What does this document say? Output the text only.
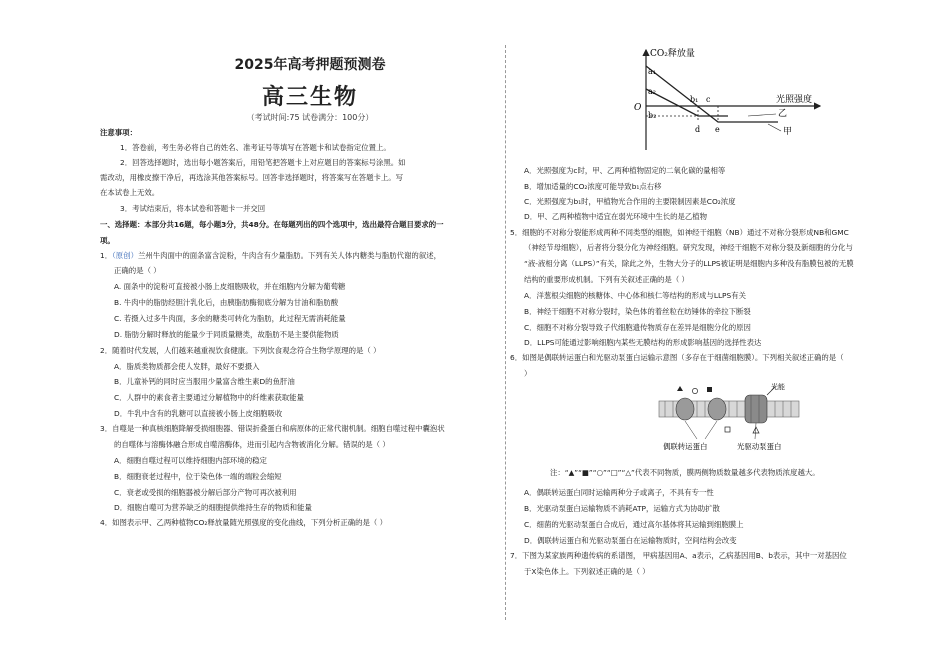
2025年高考押题预测卷
高三生物
（考试时间:75 试卷满分：100分）
注意事项：
1．答卷前，考生务必将自己的姓名、准考证号等填写在答题卡和试卷指定位置上。
2．回答选择题时，选出每小题答案后，用铅笔把答题卡上对应题目的答案标号涂黑。如
需改动，用橡皮擦干净后，再选涂其他答案标号。回答非选择题时，将答案写在答题卡上。写
在本试卷上无效。
3．考试结束后，将本试卷和答题卡一并交回
一、选择题：本部分共16题，每小题3分，共48分。在每题列出的四个选项中，选出最符合题目要求的一
项。
1．（原创）兰州牛肉面中的面条富含淀粉，牛肉含有少量脂肪。下列有关人体内糖类与脂肪代谢的叙述，
正确的是（ ）
A. 面条中的淀粉可直接被小肠上皮细胞吸收，并在细胞内分解为葡萄糖
B. 牛肉中的脂肪经胆汁乳化后，由胰脂肪酶彻底分解为甘油和脂肪酸
C. 若摄入过多牛肉面，多余的糖类可转化为脂肪，此过程无需消耗能量
D. 脂肪分解时释放的能量少于同质量糖类，故脂肪不是主要供能物质
2．随着时代发展，人们越来越重视饮食健康。下列饮食观念符合生物学原理的是（ ）
A．脂质类物质都会使人发胖，最好不要摄入
B．儿童补钙的同时应当服用少量富含维生素D的鱼肝油
C．人群中的素食者主要通过分解植物中的纤维素获取能量
D．牛乳中含有的乳糖可以直接被小肠上皮细胞吸收
3．自噬是一种真核细胞降解受损细胞器、错误折叠蛋白和病原体的正常代谢机制。细胞自噬过程中囊泡状
的自噬体与溶酶体融合形成自噬溶酶体，进而引起内含物被消化分解。错误的是（ ）
A．细胞自噬过程可以维持细胞内部环境的稳定
B．细胞衰老过程中，位于染色体一端的端粒会缩短
C．衰老或受损的细胞器被分解后部分产物可再次被利用
D．细胞自噬可为营养缺乏的细胞提供维持生存的物质和能量
4．如图表示甲、乙两种植物CO₂释放量随光照强度的变化曲线，下列分析正确的是（ ）
CO₂释放量
光照强度
O
a₁
a₂
b₂
b₁ c
d e
乙
甲
A．光照强度为c时，甲、乙两种植物固定的二氧化碳的量相等
B．增加适量的CO₂浓度可能导致b₁点右移
C．光照强度为b₁时，甲植物光合作用的主要限制因素是CO₂浓度
D．甲、乙两种植物中适宜在弱光环境中生长的是乙植物
5．细胞的不对称分裂能形成两种不同类型的细胞，如神经干细胞（NB）通过不对称分裂形成NB和GMC
（神经节母细胞），后者将分裂分化为神经细胞。研究发现，神经干细胞不对称分裂及新细胞的分化与
“液-液相分离（LLPS）”有关，除此之外，生物大分子的LLPS被证明是细胞内多种没有脂膜包被的无膜
结构的重要形成机制。下列有关叙述正确的是（ ）
A．洋葱根尖细胞的核糖体、中心体和核仁等结构的形成与LLPS有关
B．神经干细胞不对称分裂时，染色体的着丝粒在纺锤体的牵拉下断裂
C．细胞不对称分裂导致子代细胞遗传物质存在差异是细胞分化的原因
D．LLPS可能通过影响细胞内某些无膜结构的形成影响基因的选择性表达
6．如图是偶联转运蛋白和光驱动泵蛋白运输示意图（多存在于细菌细胞膜）。下列相关叙述正确的是（
）
光能
偶联转运蛋白	光驱动泵蛋白
注：“▲”“■”“○”“□”“△”代表不同物质，膜两侧物质数量越多代表物质浓度越大。
A．偶联转运蛋白同时运输两种分子或离子，不具有专一性
B．光驱动泵蛋白运输物质不消耗ATP，运输方式为协助扩散
C．细菌的光驱动泵蛋白合成后，通过高尔基体将其运输到细胞膜上
D．偶联转运蛋白和光驱动泵蛋白在运输物质时，空间结构会改变
7．下图为某家族两种遗传病的系谱图， 甲病基因用A、a表示，乙病基因用B、b表示，其中一对基因位
于X染色体上。下列叙述正确的是（ ）
